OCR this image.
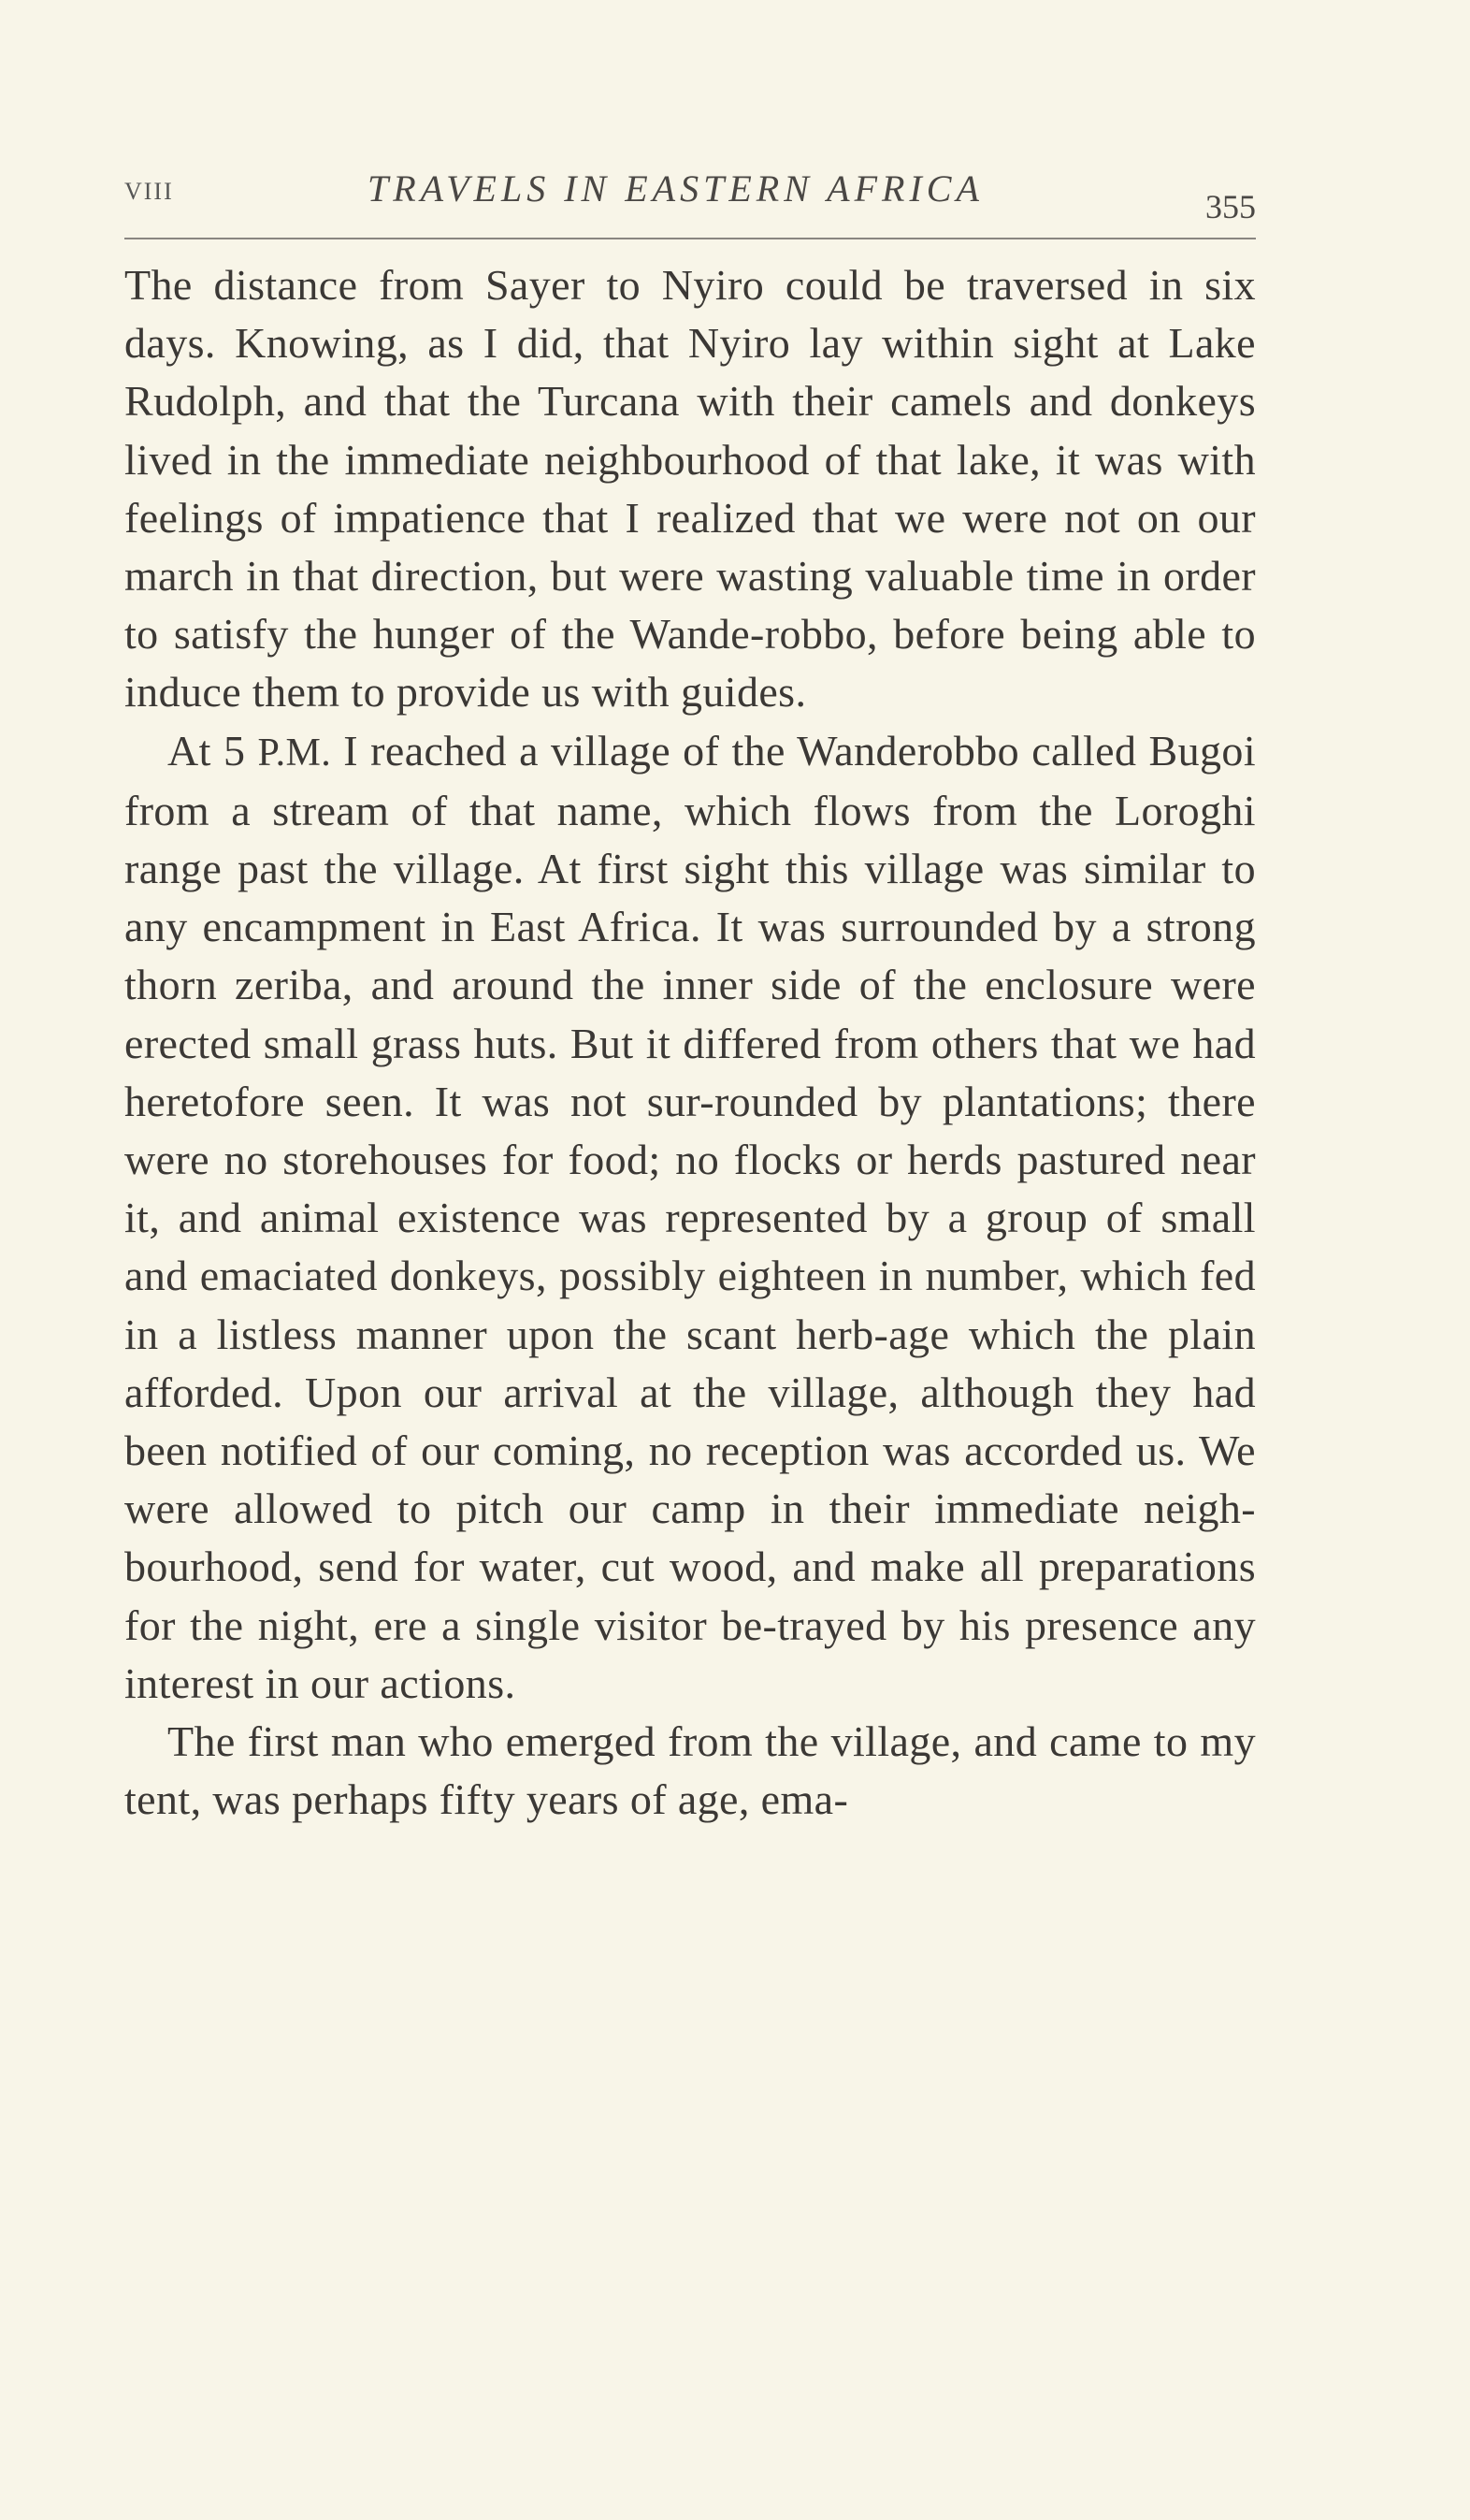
VIII	TRAVELS IN EASTERN AFRICA	355

The distance from Sayer to Nyiro could be traversed in six days. Knowing, as I did, that Nyiro lay within sight at Lake Rudolph, and that the Turcana with their camels and donkeys lived in the immediate neighbourhood of that lake, it was with feelings of impatience that I realized that we were not on our march in that direction, but were wasting valuable time in order to satisfy the hunger of the Wande-robbo, before being able to induce them to provide us with guides.

At 5 P.M. I reached a village of the Wanderobbo called Bugoi from a stream of that name, which flows from the Loroghi range past the village. At first sight this village was similar to any encampment in East Africa. It was surrounded by a strong thorn zeriba, and around the inner side of the enclosure were erected small grass huts. But it differed from others that we had heretofore seen. It was not sur-rounded by plantations; there were no storehouses for food; no flocks or herds pastured near it, and animal existence was represented by a group of small and emaciated donkeys, possibly eighteen in number, which fed in a listless manner upon the scant herb-age which the plain afforded. Upon our arrival at the village, although they had been notified of our coming, no reception was accorded us. We were allowed to pitch our camp in their immediate neigh-bourhood, send for water, cut wood, and make all preparations for the night, ere a single visitor be-trayed by his presence any interest in our actions.

The first man who emerged from the village, and came to my tent, was perhaps fifty years of age, ema-
